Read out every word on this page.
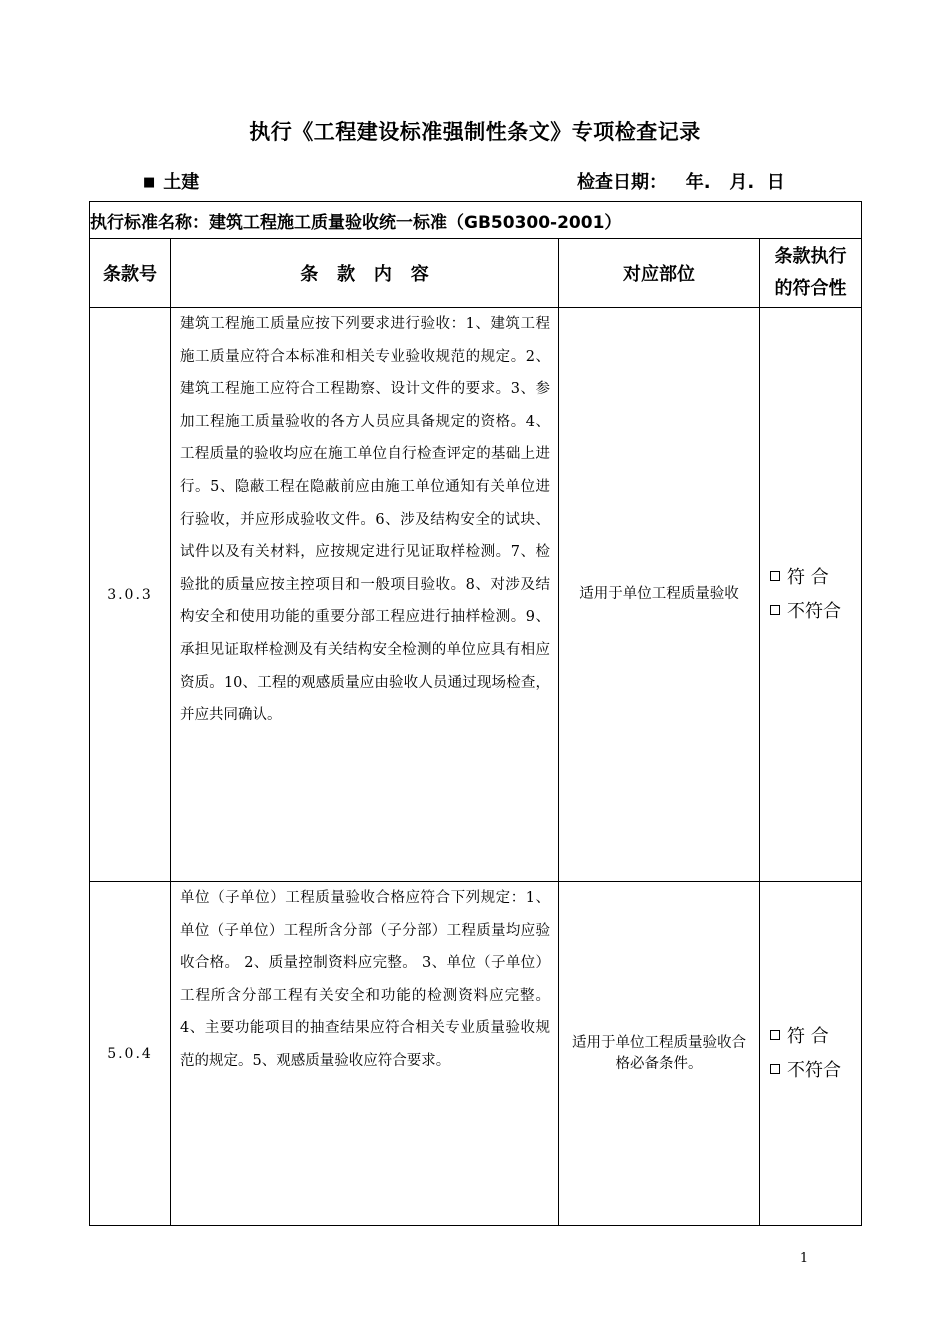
执行《工程建设标准强制性条文》专项检查记录
■ 土建	检查日期：   年.   月.  日
执行标准名称：建筑工程施工质量验收统一标准（GB50300-2001）			
条款号	条   款   内   容	对应部位	条款执行
的符合性

3.0.3	建筑工程施工质量应按下列要求进行验收：1、建筑工程施工质量应符合本标准和相关专业验收规范的规定。2、建筑工程施工应符合工程勘察、设计文件的要求。3、参加工程施工质量验收的各方人员应具备规定的资格。4、工程质量的验收均应在施工单位自行检查评定的基础上进行。5、隐蔽工程在隐蔽前应由施工单位通知有关单位进行验收，并应形成验收文件。6、涉及结构安全的试块、试件以及有关材料，应按规定进行见证取样检测。7、检验批的质量应按主控项目和一般项目验收。8、对涉及结构安全和使用功能的重要分部工程应进行抽样检测。9、承担见证取样检测及有关结构安全检测的单位应具有相应资质。10、工程的观感质量应由验收人员通过现场检查，并应共同确认。	适用于单位工程质量验收	符 合
不符合

5.0.4	单位（子单位）工程质量验收合格应符合下列规定：1、单位（子单位）工程所含分部（子分部）工程质量均应验收合格。 2、质量控制资料应完整。 3、单位（子单位）工程所含分部工程有关安全和功能的检测资料应完整。4、主要功能项目的抽查结果应符合相关专业质量验收规范的规定。5、观感质量验收应符合要求。	适用于单位工程质量验收合格必备条件。	符 合
不符合
1
